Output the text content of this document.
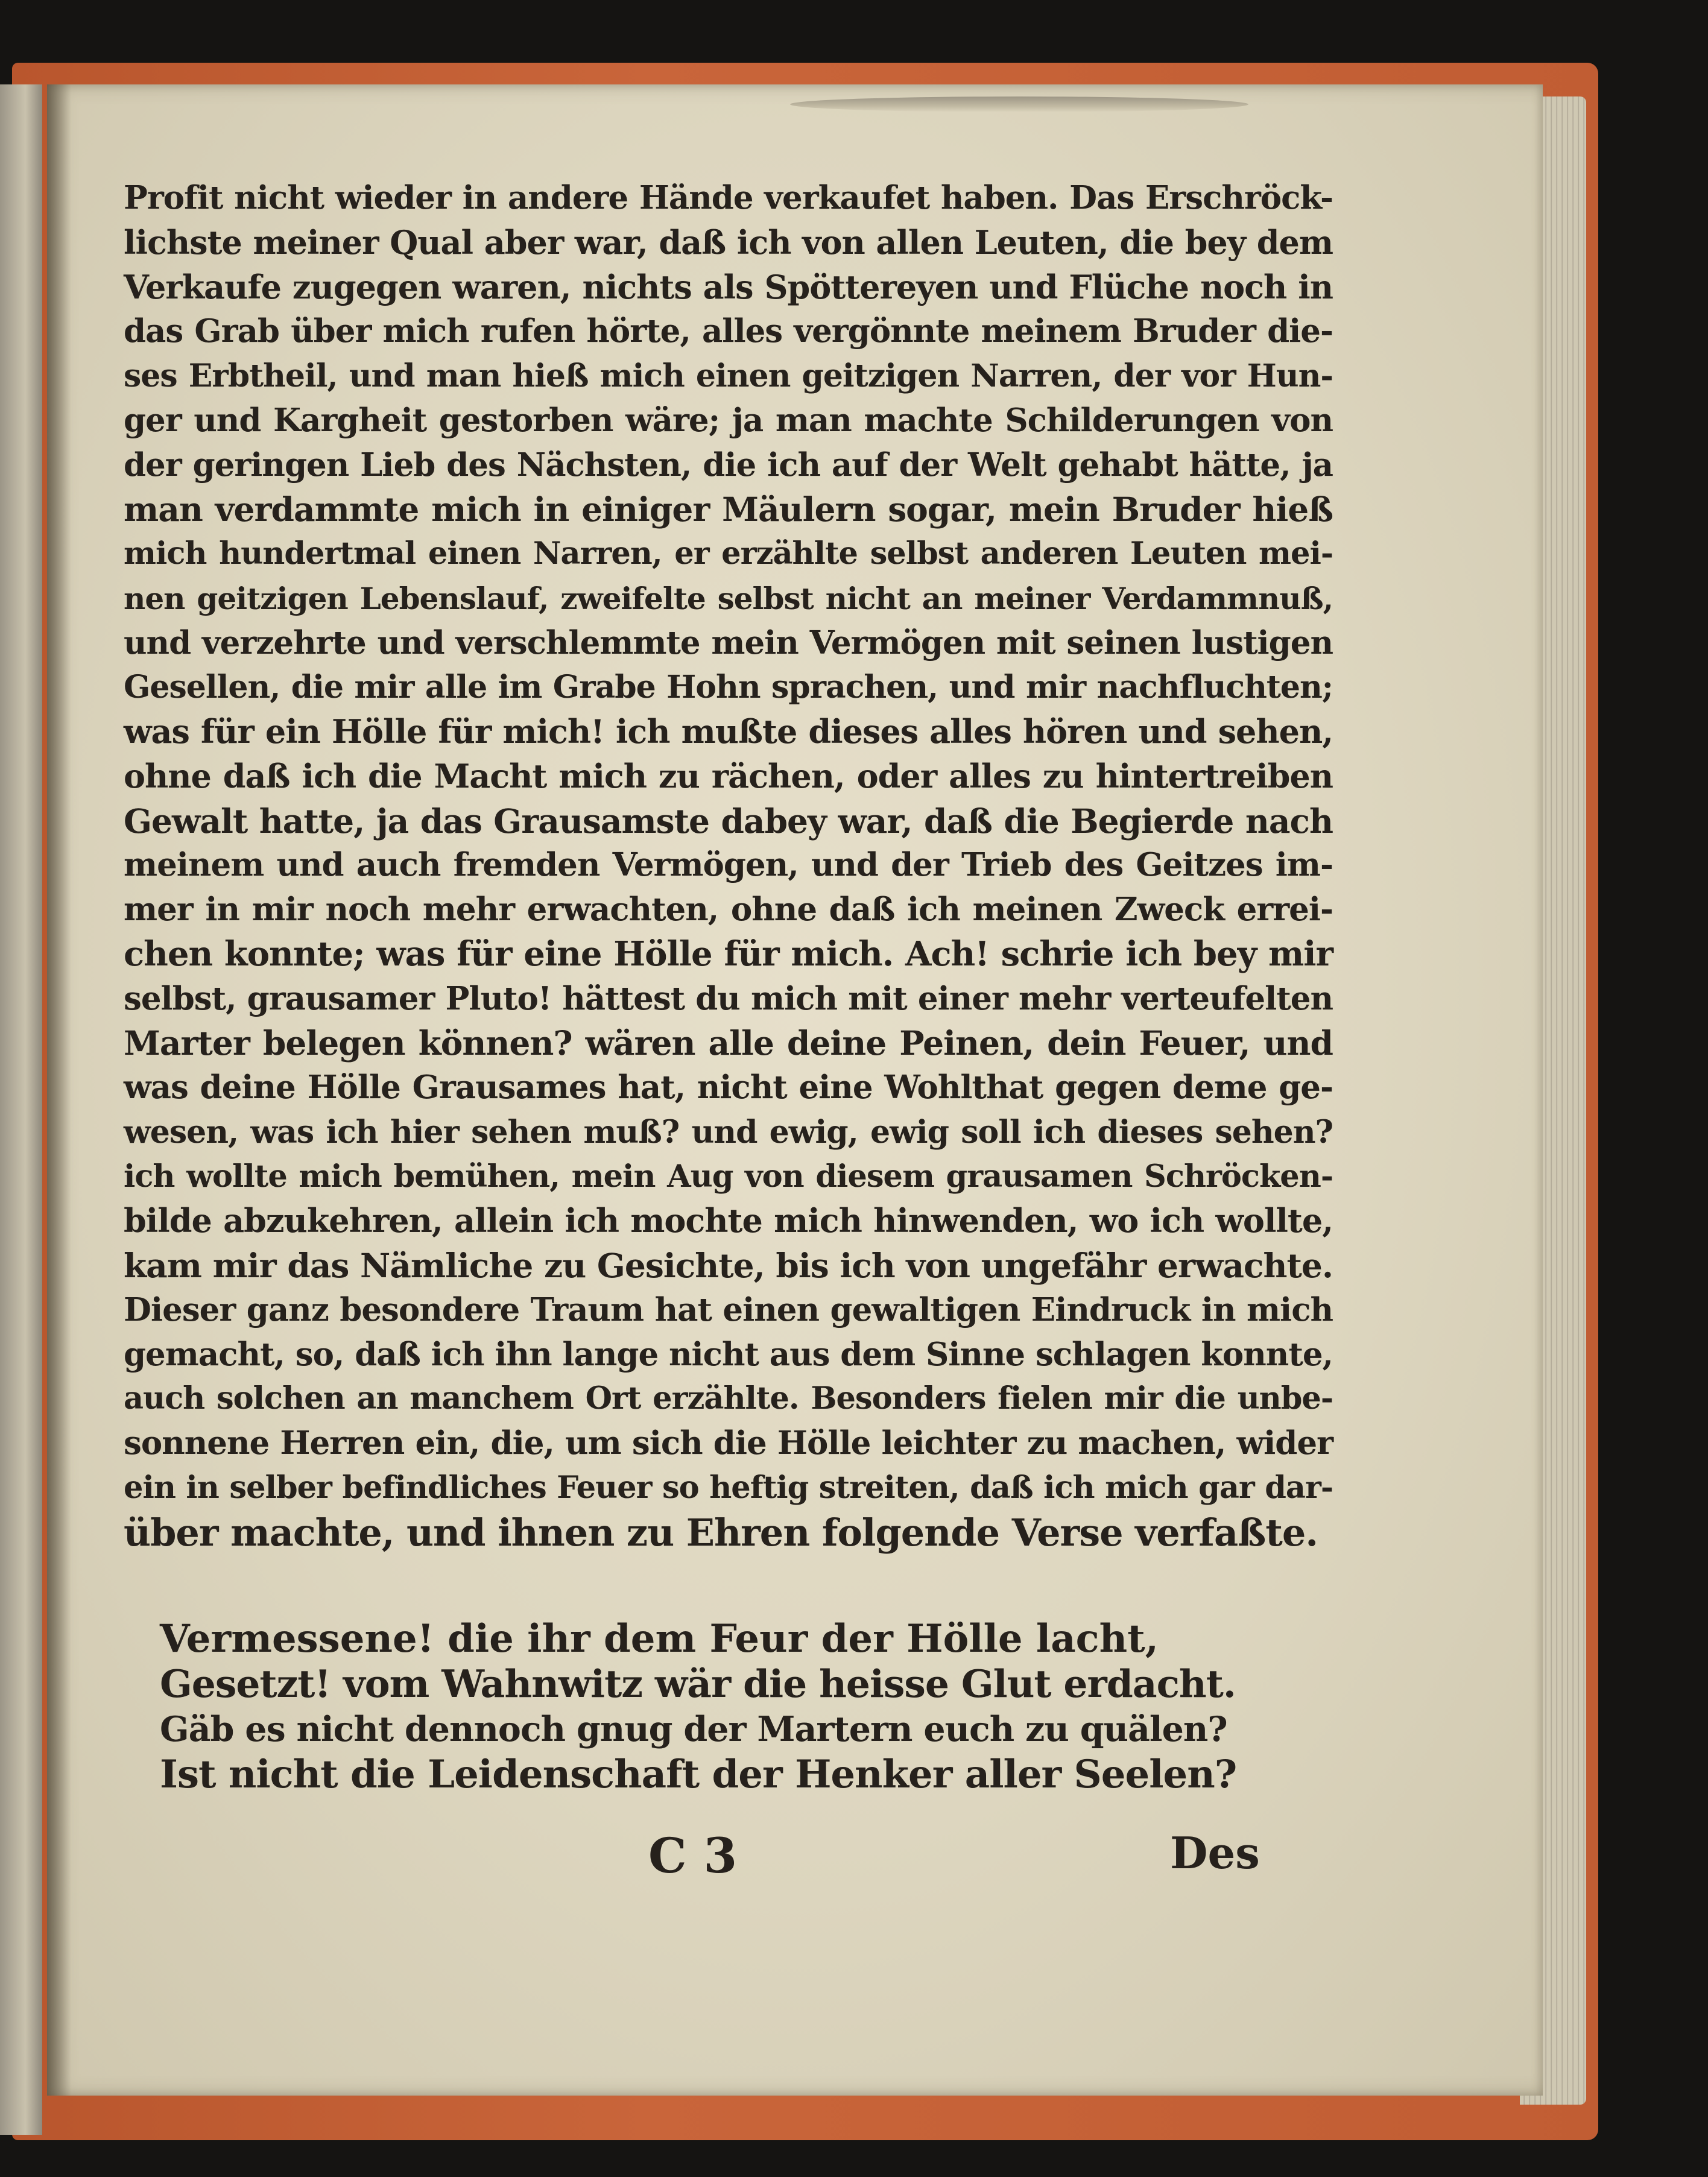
Profit nicht wieder in andere Hände verkaufet haben. Das Erschröck-
lichste meiner Qual aber war, daß ich von allen Leuten, die bey dem
Verkaufe zugegen waren, nichts als Spöttereyen und Flüche noch in
das Grab über mich rufen hörte, alles vergönnte meinem Bruder die-
ses Erbtheil, und man hieß mich einen geitzigen Narren, der vor Hun-
ger und Kargheit gestorben wäre; ja man machte Schilderungen von
der geringen Lieb des Nächsten, die ich auf der Welt gehabt hätte, ja
man verdammte mich in einiger Mäulern sogar, mein Bruder hieß
mich hundertmal einen Narren, er erzählte selbst anderen Leuten mei-
nen geitzigen Lebenslauf, zweifelte selbst nicht an meiner Verdammnuß,
und verzehrte und verschlemmte mein Vermögen mit seinen lustigen
Gesellen, die mir alle im Grabe Hohn sprachen, und mir nachfluchten;
was für ein Hölle für mich! ich mußte dieses alles hören und sehen,
ohne daß ich die Macht mich zu rächen, oder alles zu hintertreiben
Gewalt hatte, ja das Grausamste dabey war, daß die Begierde nach
meinem und auch fremden Vermögen, und der Trieb des Geitzes im-
mer in mir noch mehr erwachten, ohne daß ich meinen Zweck errei-
chen konnte; was für eine Hölle für mich. Ach! schrie ich bey mir
selbst, grausamer Pluto! hättest du mich mit einer mehr verteufelten
Marter belegen können? wären alle deine Peinen, dein Feuer, und
was deine Hölle Grausames hat, nicht eine Wohlthat gegen deme ge-
wesen, was ich hier sehen muß? und ewig, ewig soll ich dieses sehen?
ich wollte mich bemühen, mein Aug von diesem grausamen Schröcken-
bilde abzukehren, allein ich mochte mich hinwenden, wo ich wollte,
kam mir das Nämliche zu Gesichte, bis ich von ungefähr erwachte.
Dieser ganz besondere Traum hat einen gewaltigen Eindruck in mich
gemacht, so, daß ich ihn lange nicht aus dem Sinne schlagen konnte,
auch solchen an manchem Ort erzählte. Besonders fielen mir die unbe-
sonnene Herren ein, die, um sich die Hölle leichter zu machen, wider
ein in selber befindliches Feuer so heftig streiten, daß ich mich gar dar-
über machte, und ihnen zu Ehren folgende Verse verfaßte.
Vermessene! die ihr dem Feur der Hölle lacht,
Gesetzt! vom Wahnwitz wär die heisse Glut erdacht.
Gäb es nicht dennoch gnug der Martern euch zu quälen?
Ist nicht die Leidenschaft der Henker aller Seelen?
C 3	Des
